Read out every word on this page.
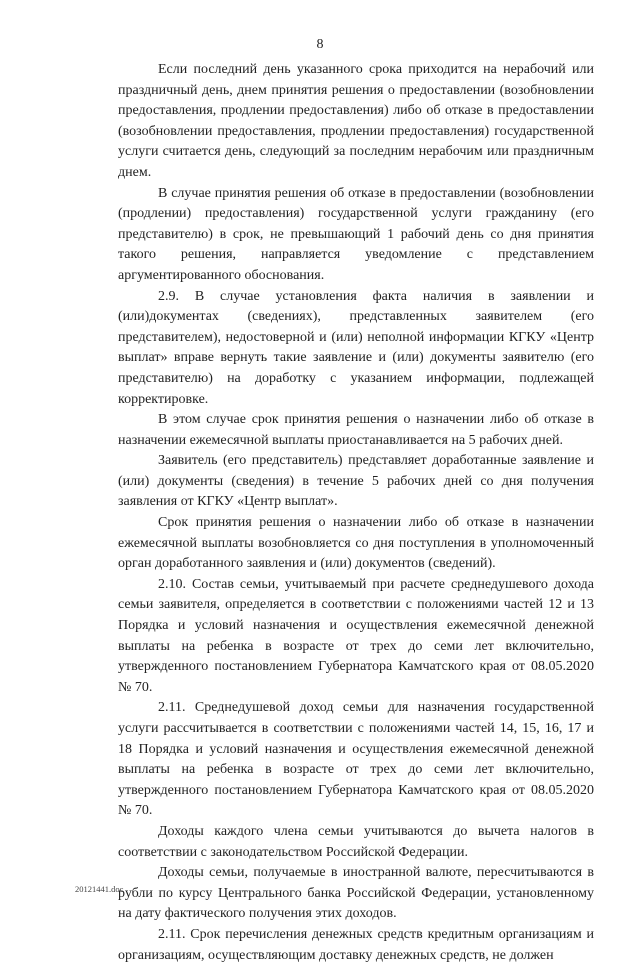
8

Если последний день указанного срока приходится на нерабочий или праздничный день, днем принятия решения о предоставлении (возобновлении предоставления, продлении предоставления) либо об отказе в предоставлении (возобновлении предоставления, продлении предоставления) государственной услуги считается день, следующий за последним нерабочим или праздничным днем.

В случае принятия решения об отказе в предоставлении (возобновлении (продлении) предоставления) государственной услуги гражданину (его представителю) в срок, не превышающий 1 рабочий день со дня принятия такого решения, направляется уведомление с представлением аргументированного обоснования.

2.9. В случае установления факта наличия в заявлении и (или)документах (сведениях), представленных заявителем (его представителем), недостоверной и (или) неполной информации КГКУ «Центр выплат» вправе вернуть такие заявление и (или) документы заявителю (его представителю) на доработку с указанием информации, подлежащей корректировке.

В этом случае срок принятия решения о назначении либо об отказе в назначении ежемесячной выплаты приостанавливается на 5 рабочих дней.

Заявитель (его представитель) представляет доработанные заявление и (или) документы (сведения) в течение 5 рабочих дней со дня получения заявления от КГКУ «Центр выплат».

Срок принятия решения о назначении либо об отказе в назначении ежемесячной выплаты возобновляется со дня поступления в уполномоченный орган доработанного заявления и (или) документов (сведений).

2.10. Состав семьи, учитываемый при расчете среднедушевого дохода семьи заявителя, определяется в соответствии с положениями частей 12 и 13 Порядка и условий назначения и осуществления ежемесячной денежной выплаты на ребенка в возрасте от трех до семи лет включительно, утвержденного постановлением Губернатора Камчатского края от 08.05.2020 № 70.

2.11. Среднедушевой доход семьи для назначения государственной услуги рассчитывается в соответствии с положениями частей 14, 15, 16, 17 и 18 Порядка и условий назначения и осуществления ежемесячной денежной выплаты на ребенка в возрасте от трех до семи лет включительно, утвержденного постановлением Губернатора Камчатского края от 08.05.2020 № 70.

Доходы каждого члена семьи учитываются до вычета налогов в соответствии с законодательством Российской Федерации.

Доходы семьи, получаемые в иностранной валюте, пересчитываются в рубли по курсу Центрального банка Российской Федерации, установленному на дату фактического получения этих доходов.

2.11. Срок перечисления денежных средств кредитным организациям и организациям, осуществляющим доставку денежных средств, не должен

20121441.doc
